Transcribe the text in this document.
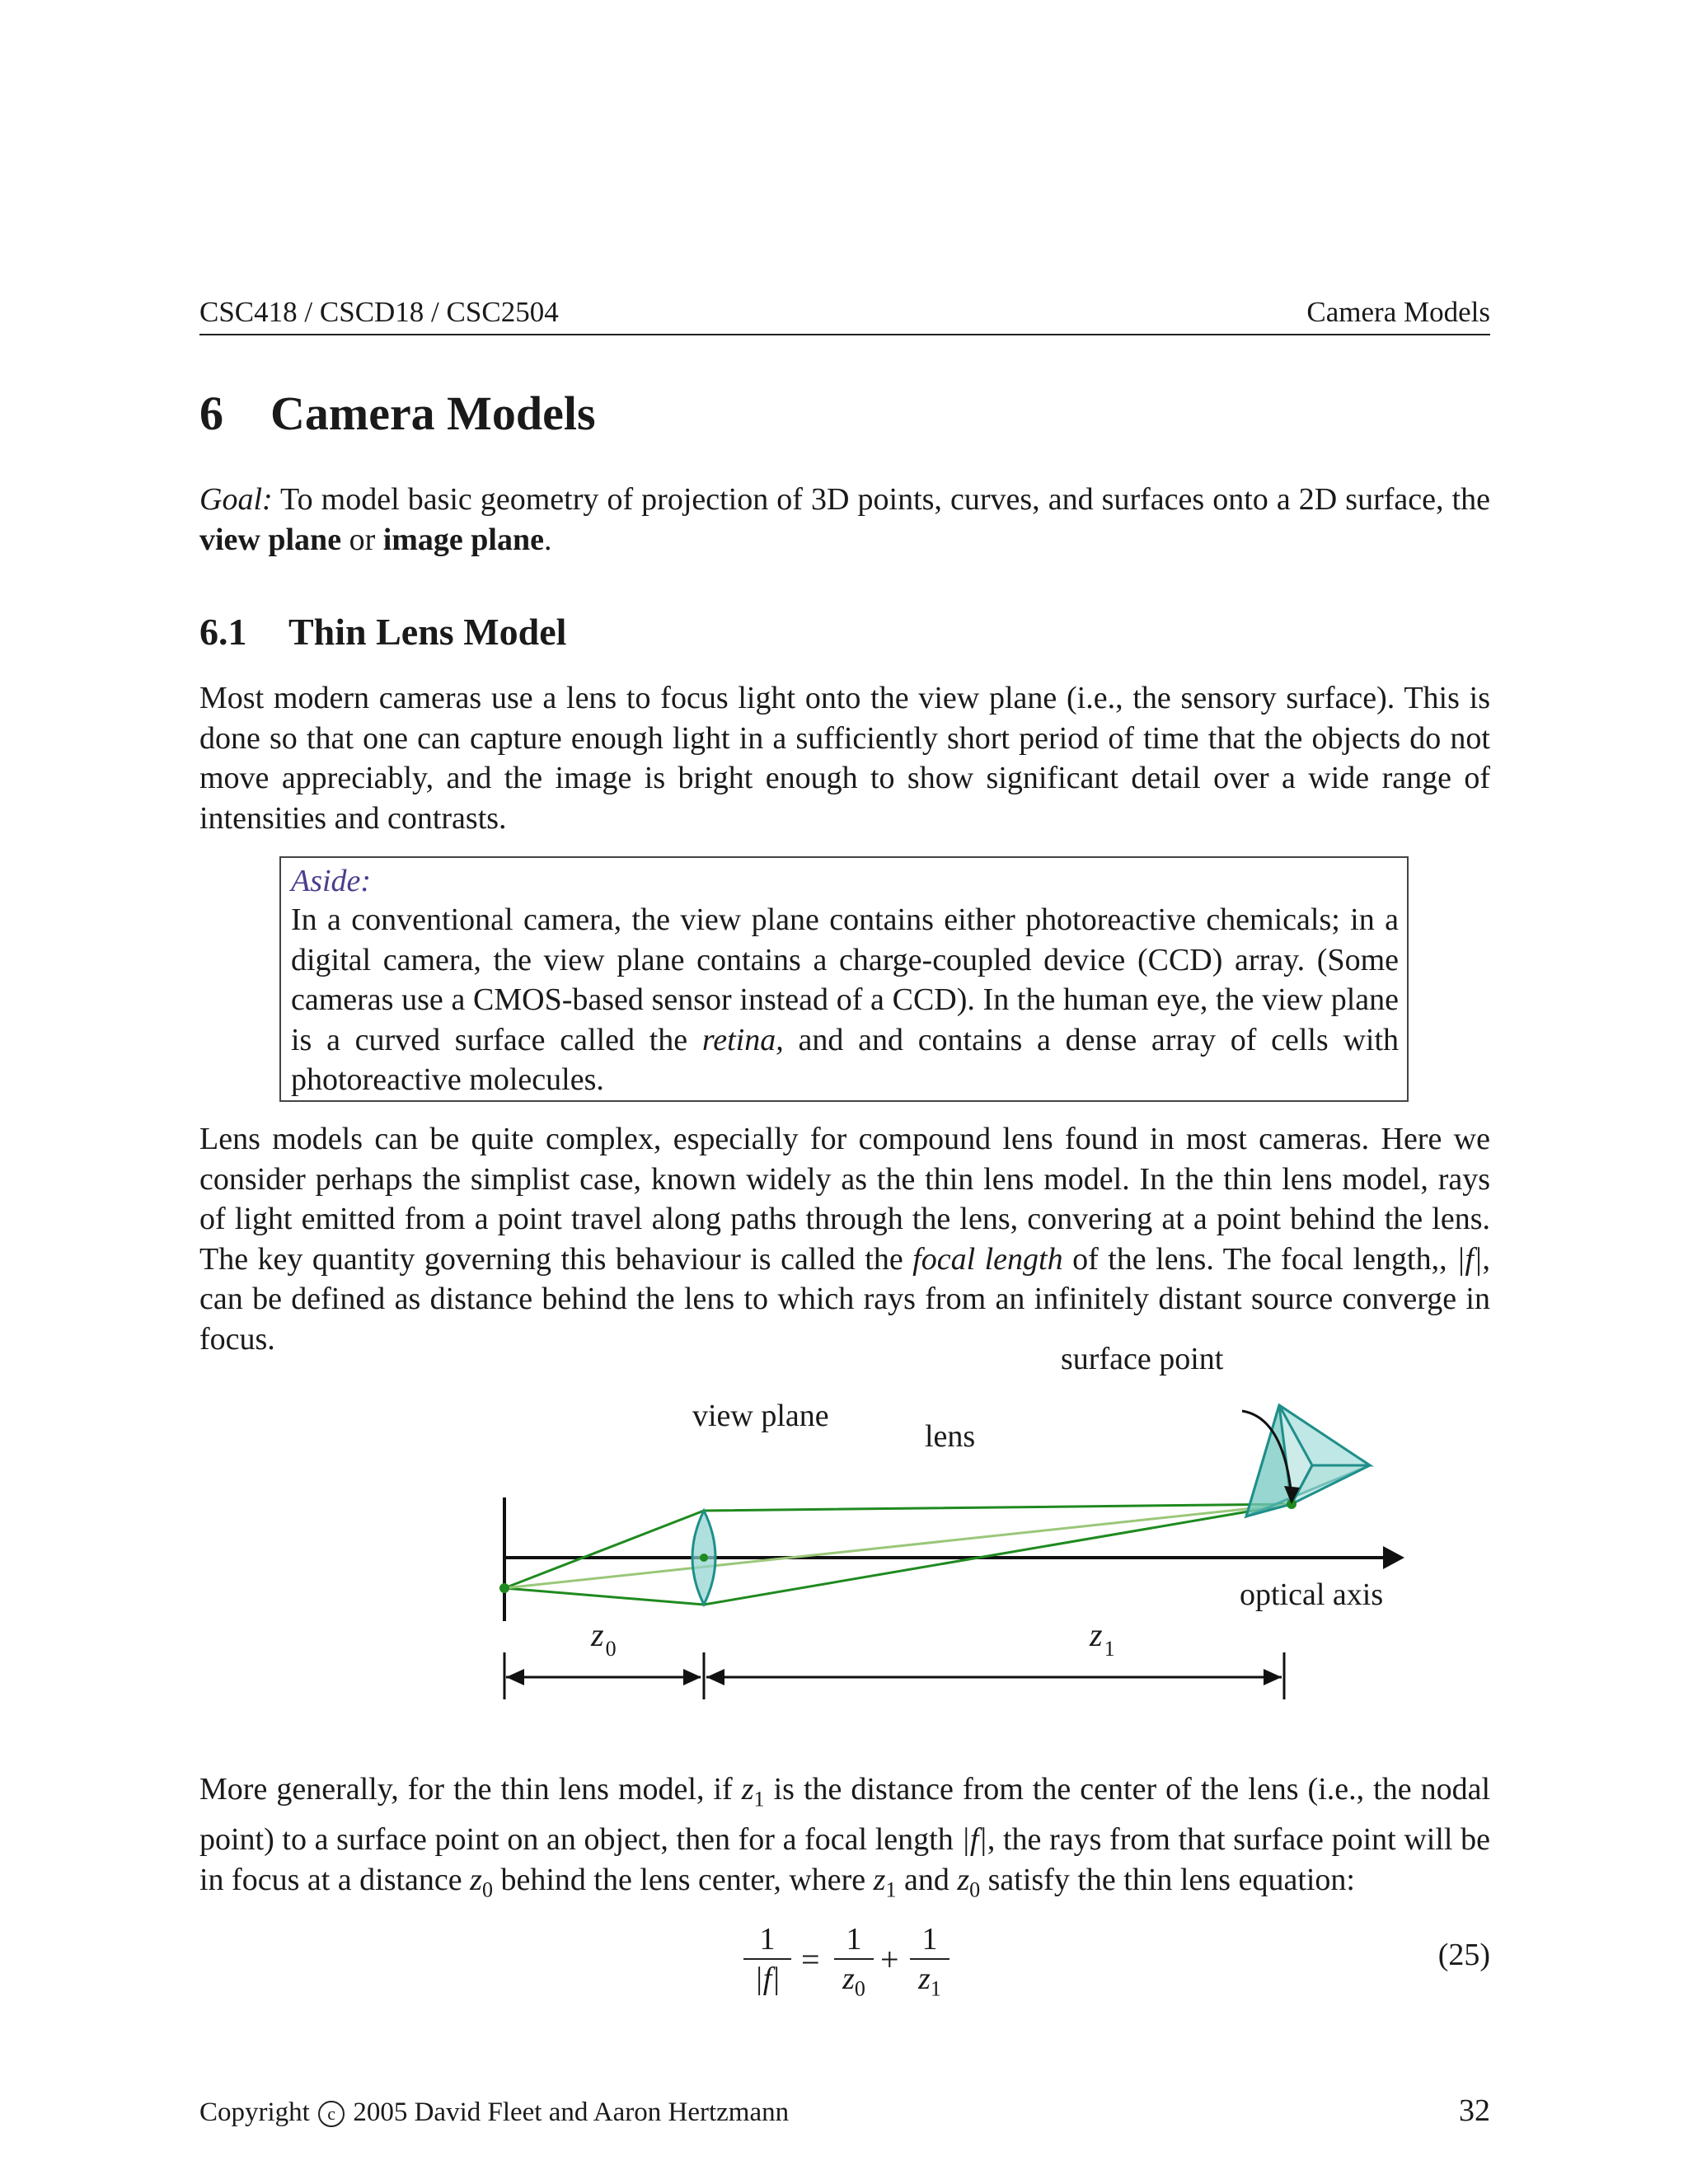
CSC418 / CSCD18 / CSC2504	Camera Models
6 Camera Models

Goal: To model basic geometry of projection of 3D points, curves, and surfaces onto a 2D surface, the view plane or image plane.

6.1 Thin Lens Model

Most modern cameras use a lens to focus light onto the view plane (i.e., the sensory surface). This is done so that one can capture enough light in a sufficiently short period of time that the objects do not move appreciably, and the image is bright enough to show significant detail over a wide range of intensities and contrasts.

Aside:
In a conventional camera, the view plane contains either photoreactive chemicals; in a digital camera, the view plane contains a charge-coupled device (CCD) array. (Some cameras use a CMOS-based sensor instead of a CCD). In the human eye, the view plane is a curved surface called the retina, and and contains a dense array of cells with photoreactive molecules.

Lens models can be quite complex, especially for compound lens found in most cameras. Here we consider perhaps the simplist case, known widely as the thin lens model. In the thin lens model, rays of light emitted from a point travel along paths through the lens, convering at a point behind the lens. The key quantity governing this behaviour is called the focal length of the lens. The focal length,, |f|, can be defined as distance behind the lens to which rays from an infinitely distant source converge in focus.

view plane
lens
surface point
optical axis
$z_0$	$z_1$

More generally, for the thin lens model, if $z_1$ is the distance from the center of the lens (i.e., the nodal point) to a surface point on an object, then for a focal length |f|, the rays from that surface point will be in focus at a distance $z_0$ behind the lens center, where $z_1$ and $z_0$ satisfy the thin lens equation:

1
|f|
=
1
$z_0$
+
1
$z_1$
(25)
Copyright c 2005 David Fleet and Aaron Hertzmann	32
